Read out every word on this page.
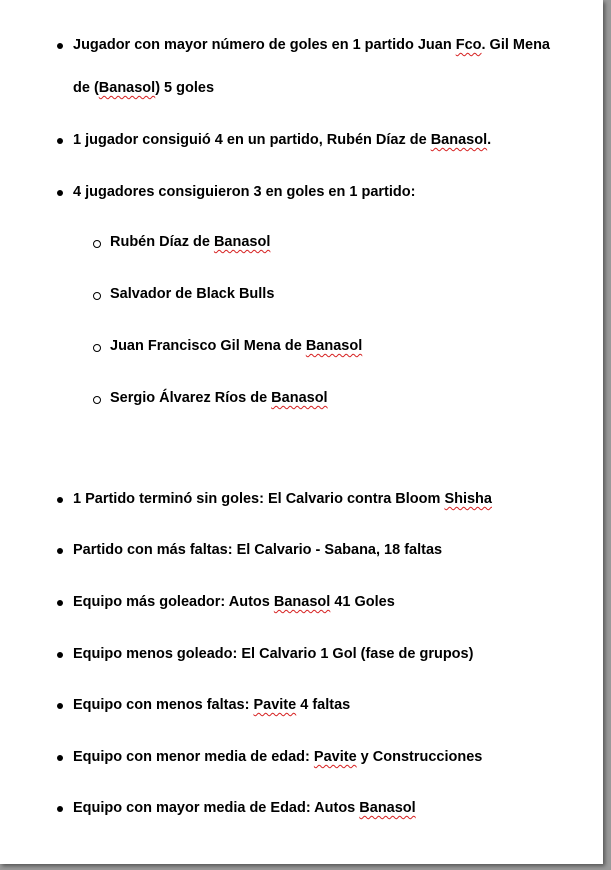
Jugador con mayor número de goles en 1 partido Juan Fco. Gil Mena
de (Banasol) 5 goles
1 jugador consiguió 4 en un partido, Rubén Díaz de Banasol.
4 jugadores consiguieron 3 en goles en 1 partido:
Rubén Díaz de Banasol
Salvador de Black Bulls
Juan Francisco Gil Mena de Banasol
Sergio Álvarez Ríos de Banasol
1 Partido terminó sin goles: El Calvario contra Bloom Shisha
Partido con más faltas: El Calvario - Sabana, 18 faltas
Equipo más goleador: Autos Banasol 41 Goles
Equipo menos goleado: El Calvario 1 Gol (fase de grupos)
Equipo con menos faltas: Pavite 4 faltas
Equipo con menor media de edad: Pavite y Construcciones
Equipo con mayor media de Edad: Autos Banasol
